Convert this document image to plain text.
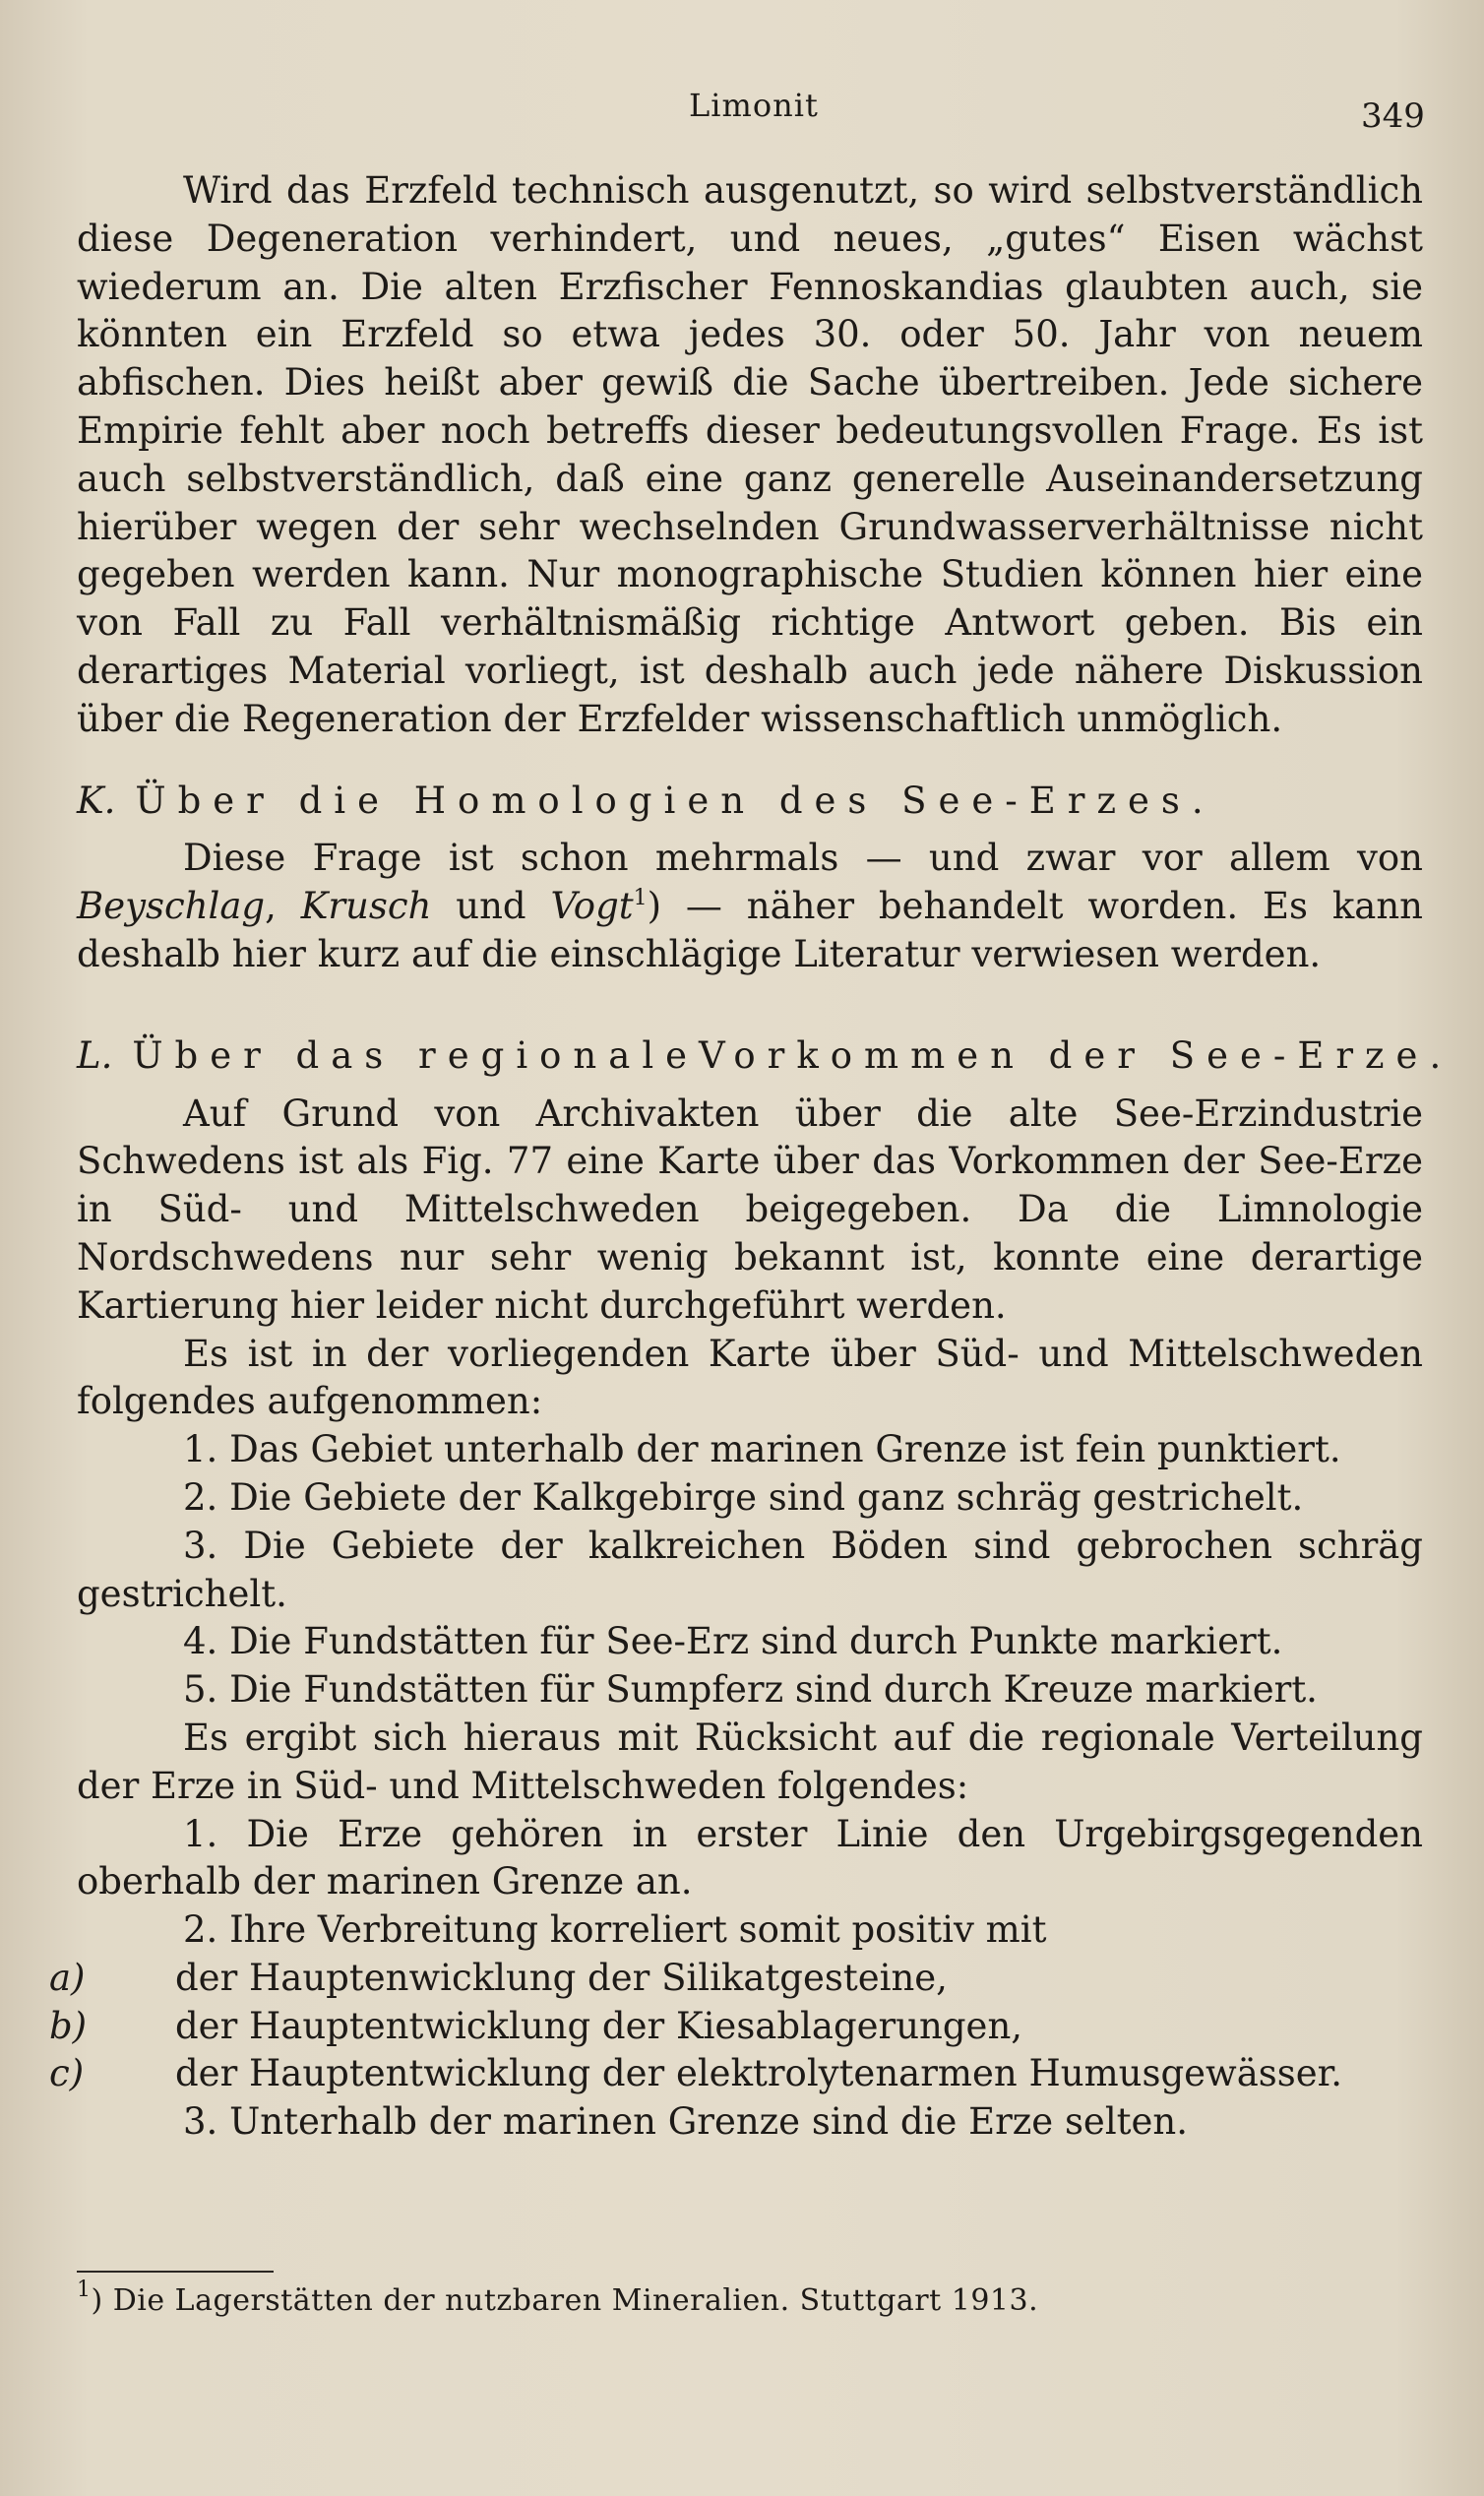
Limonit	349

Wird das Erzfeld technisch ausgenutzt, so wird selbstverständlich diese Degeneration verhindert, und neues, „gutes“ Eisen wächst wiederum an. Die alten Erzfischer Fennoskandias glaubten auch, sie könnten ein Erzfeld so etwa jedes 30. oder 50. Jahr von neuem abfischen. Dies heißt aber gewiß die Sache übertreiben. Jede sichere Empirie fehlt aber noch betreffs dieser bedeutungsvollen Frage. Es ist auch selbstverständlich, daß eine ganz generelle Auseinandersetzung hierüber wegen der sehr wechselnden Grundwasserverhältnisse nicht gegeben werden kann. Nur monographische Studien können hier eine von Fall zu Fall verhältnismäßig richtige Antwort geben. Bis ein derartiges Material vorliegt, ist deshalb auch jede nähere Diskussion über die Regeneration der Erzfelder wissenschaftlich unmöglich.

K. Über die Homologien des See-Erzes.

Diese Frage ist schon mehrmals — und zwar vor allem von Beyschlag, Krusch und Vogt$^1$) — näher behandelt worden. Es kann deshalb hier kurz auf die einschlägige Literatur verwiesen werden.

L. Über das regionaleVorkommen der See-Erze.

Auf Grund von Archivakten über die alte See-Erzindustrie Schwedens ist als Fig. 77 eine Karte über das Vorkommen der See-Erze in Süd- und Mittelschweden beigegeben. Da die Limnologie Nordschwedens nur sehr wenig bekannt ist, konnte eine derartige Kartierung hier leider nicht durchgeführt werden.

Es ist in der vorliegenden Karte über Süd- und Mittelschweden folgendes aufgenommen:

1. Das Gebiet unterhalb der marinen Grenze ist fein punktiert.

2. Die Gebiete der Kalkgebirge sind ganz schräg gestrichelt.

3. Die Gebiete der kalkreichen Böden sind gebrochen schräg gestrichelt.

4. Die Fundstätten für See-Erz sind durch Punkte markiert.

5. Die Fundstätten für Sumpferz sind durch Kreuze markiert.

Es ergibt sich hieraus mit Rücksicht auf die regionale Verteilung der Erze in Süd- und Mittelschweden folgendes:

1. Die Erze gehören in erster Linie den Urgebirgsgegenden oberhalb der marinen Grenze an.

2. Ihre Verbreitung korreliert somit positiv mit

a) der Hauptenwicklung der Silikatgesteine,

b) der Hauptentwicklung der Kiesablagerungen,

c)	der Hauptentwicklung der elektrolytenarmen Humusgewässer.

3. Unterhalb der marinen Grenze sind die Erze selten.

$^1$) Die Lagerstätten der nutzbaren Mineralien. Stuttgart 1913.
